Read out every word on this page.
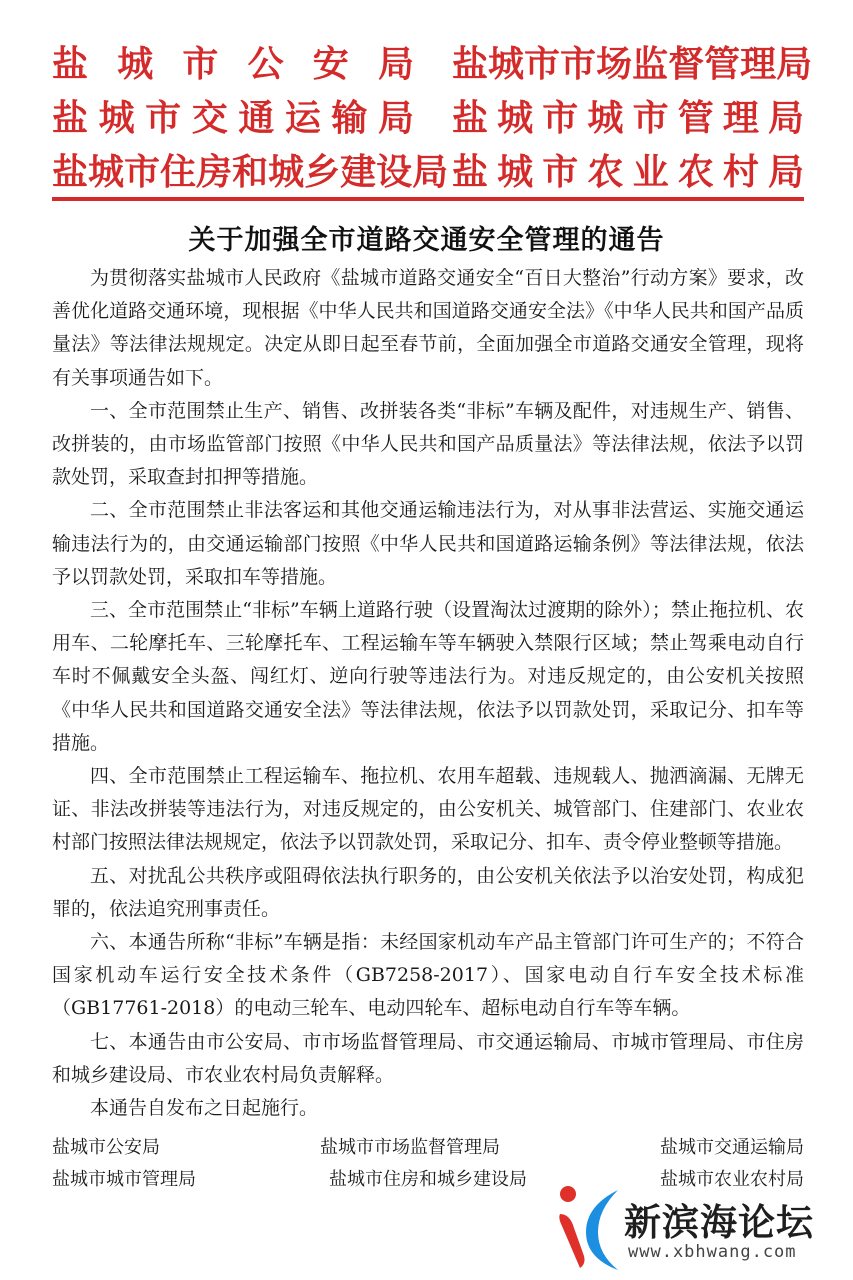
盐 城 市 公 安 局 盐 城 市 市 场 监 督 管 理 局
盐 城 市 交 通 运 输 局 盐 城 市 城 市 管 理 局
盐 城 市 住 房 和 城 乡 建 设 局 盐 城 市 农 业 农 村 局
关于加强全市道路交通安全管理的通告

为贯彻落实盐城市人民政府《盐城市道路交通安全“百日大整治”行动方案》要求，改善优化道路交通环境，现根据《中华人民共和国道路交通安全法》《中华人民共和国产品质量法》等法律法规规定。决定从即日起至春节前，全面加强全市道路交通安全管理，现将有关事项通告如下。

一、全市范围禁止生产、销售、改拼装各类“非标”车辆及配件，对违规生产、销售、改拼装的，由市场监管部门按照《中华人民共和国产品质量法》等法律法规，依法予以罚款处罚，采取查封扣押等措施。

二、全市范围禁止非法客运和其他交通运输违法行为，对从事非法营运、实施交通运输违法行为的，由交通运输部门按照《中华人民共和国道路运输条例》等法律法规，依法予以罚款处罚，采取扣车等措施。

三、全市范围禁止“非标”车辆上道路行驶（设置淘汰过渡期的除外）；禁止拖拉机、农用车、二轮摩托车、三轮摩托车、工程运输车等车辆驶入禁限行区域；禁止驾乘电动自行车时不佩戴安全头盔、闯红灯、逆向行驶等违法行为。对违反规定的，由公安机关按照《中华人民共和国道路交通安全法》等法律法规，依法予以罚款处罚，采取记分、扣车等措施。

四、全市范围禁止工程运输车、拖拉机、农用车超载、违规载人、抛洒滴漏、无牌无证、非法改拼装等违法行为，对违反规定的，由公安机关、城管部门、住建部门、农业农村部门按照法律法规规定，依法予以罚款处罚，采取记分、扣车、责令停业整顿等措施。

五、对扰乱公共秩序或阻碍依法执行职务的，由公安机关依法予以治安处罚，构成犯罪的，依法追究刑事责任。

六、本通告所称“非标”车辆是指：未经国家机动车产品主管部门许可生产的；不符合国家机动车运行安全技术条件（GB7258-2017）、国家电动自行车安全技术标准（GB17761-2018）的电动三轮车、电动四轮车、超标电动自行车等车辆。

七、本通告由市公安局、市市场监督管理局、市交通运输局、市城市管理局、市住房和城乡建设局、市农业农村局负责解释。

本通告自发布之日起施行。

盐城市公安局	盐城市市场监督管理局	盐城市交通运输局
盐城市城市管理局	盐城市住房和城乡建设局	盐城市农业农村局
新滨海论坛
www.xbhwang.com
